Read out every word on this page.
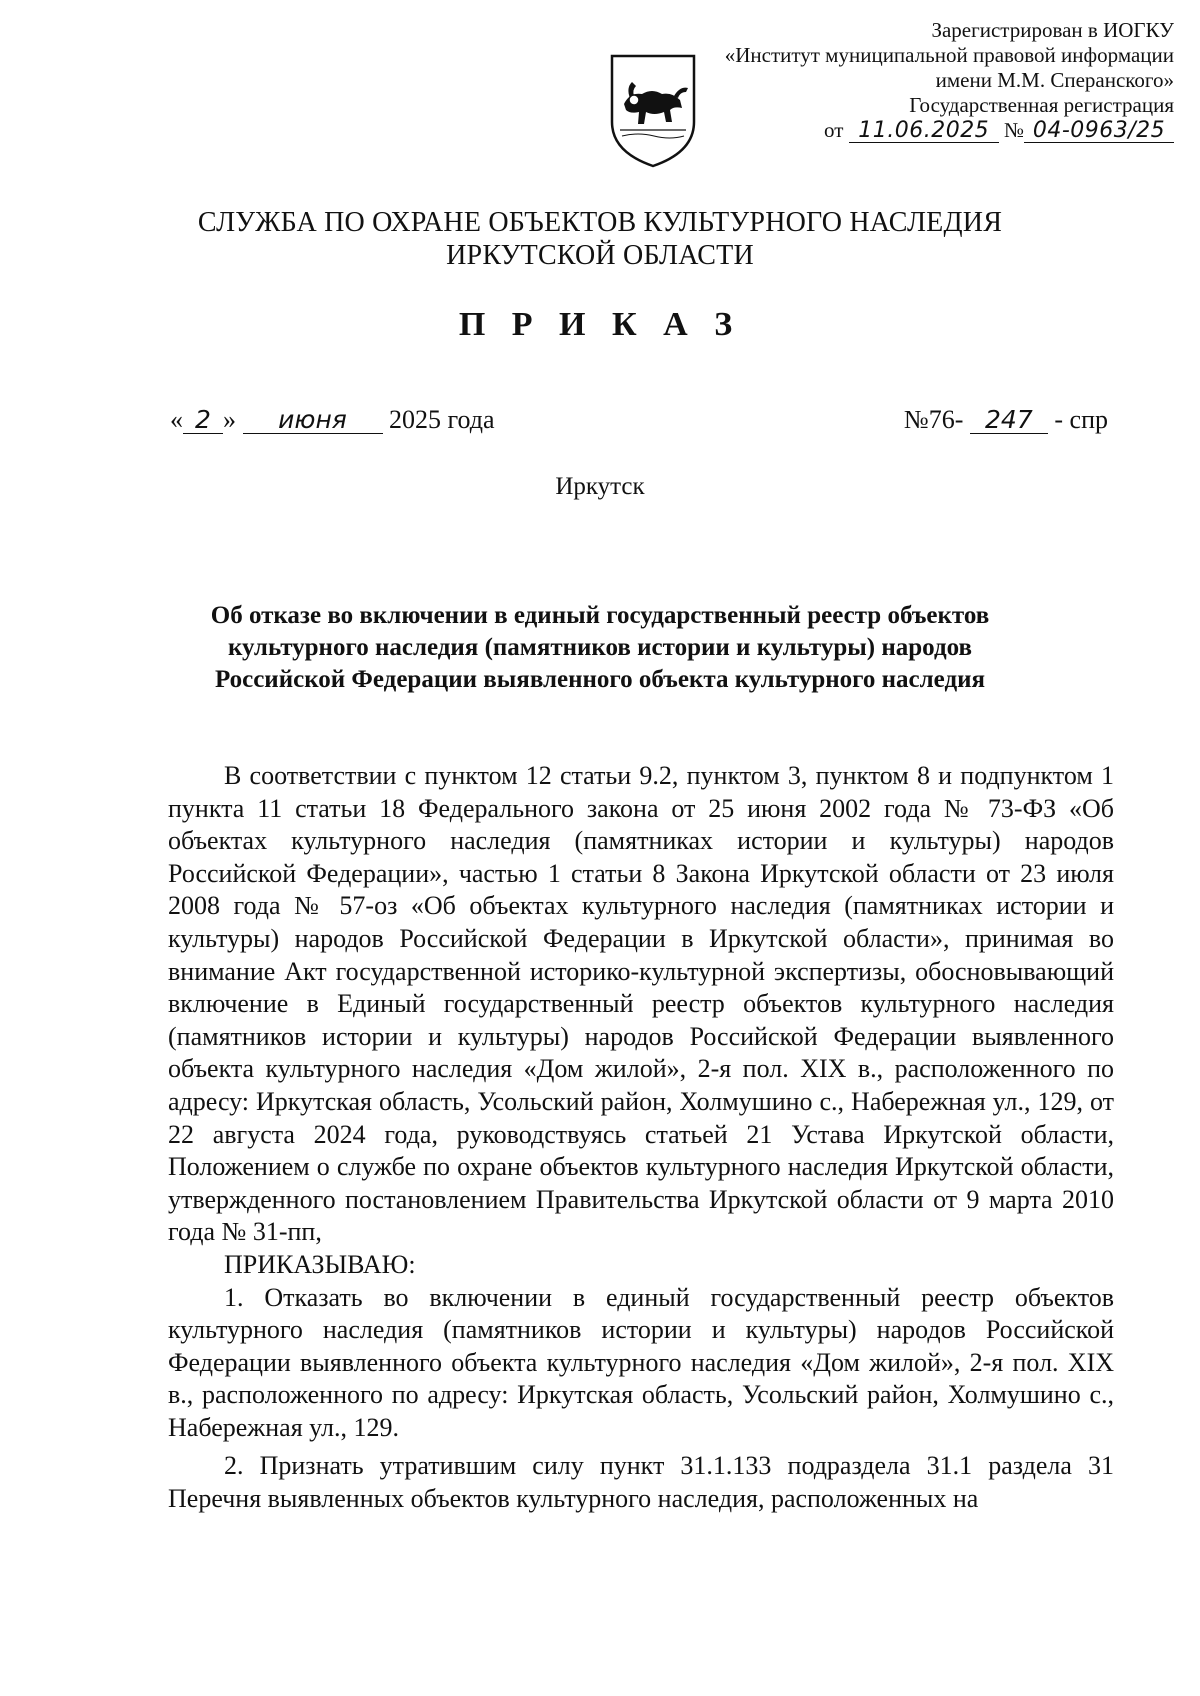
Зарегистрирован в ИОГКУ
«Институт муниципальной правовой информации
имени М.М. Сперанского»
Государственная регистрация
от 11.06.2025 № 04-0963/25
СЛУЖБА ПО ОХРАНЕ ОБЪЕКТОВ КУЛЬТУРНОГО НАСЛЕДИЯ
ИРКУТСКОЙ ОБЛАСТИ
П Р И К А З
« 2 » июня 2025 года	№76- 247 - спр
Иркутск
Об отказе во включении в единый государственный реестр объектов
культурного наследия (памятников истории и культуры) народов
Российской Федерации выявленного объекта культурного наследия

В соответствии с пунктом 12 статьи 9.2, пунктом 3, пунктом 8 и подпунктом 1 пункта 11 статьи 18 Федерального закона от 25 июня 2002 года № 73-ФЗ «Об объектах культурного наследия (памятниках истории и культуры) народов Российской Федерации», частью 1 статьи 8 Закона Иркутской области от 23 июля 2008 года № 57-оз «Об объектах культурного наследия (памятниках истории и культуры) народов Российской Федерации в Иркутской области», принимая во внимание Акт государственной историко-культурной экспертизы, обосновывающий включение в Единый государственный реестр объектов культурного наследия (памятников истории и культуры) народов Российской Федерации выявленного объекта культурного наследия «Дом жилой», 2-я пол. XIX в., расположенного по адресу: Иркутская область, Усольский район, Холмушино с., Набережная ул., 129, от 22 августа 2024 года, руководствуясь статьей 21 Устава Иркутской области, Положением о службе по охране объектов культурного наследия Иркутской области, утвержденного постановлением Правительства Иркутской области от 9 марта 2010 года № 31-пп,

ПРИКАЗЫВАЮ:

1. Отказать во включении в единый государственный реестр объектов культурного наследия (памятников истории и культуры) народов Российской Федерации выявленного объекта культурного наследия «Дом жилой», 2-я пол. XIX в., расположенного по адресу: Иркутская область, Усольский район, Холмушино с., Набережная ул., 129.

2. Признать утратившим силу пункт 31.1.133 подраздела 31.1 раздела 31 Перечня выявленных объектов культурного наследия, расположенных на
